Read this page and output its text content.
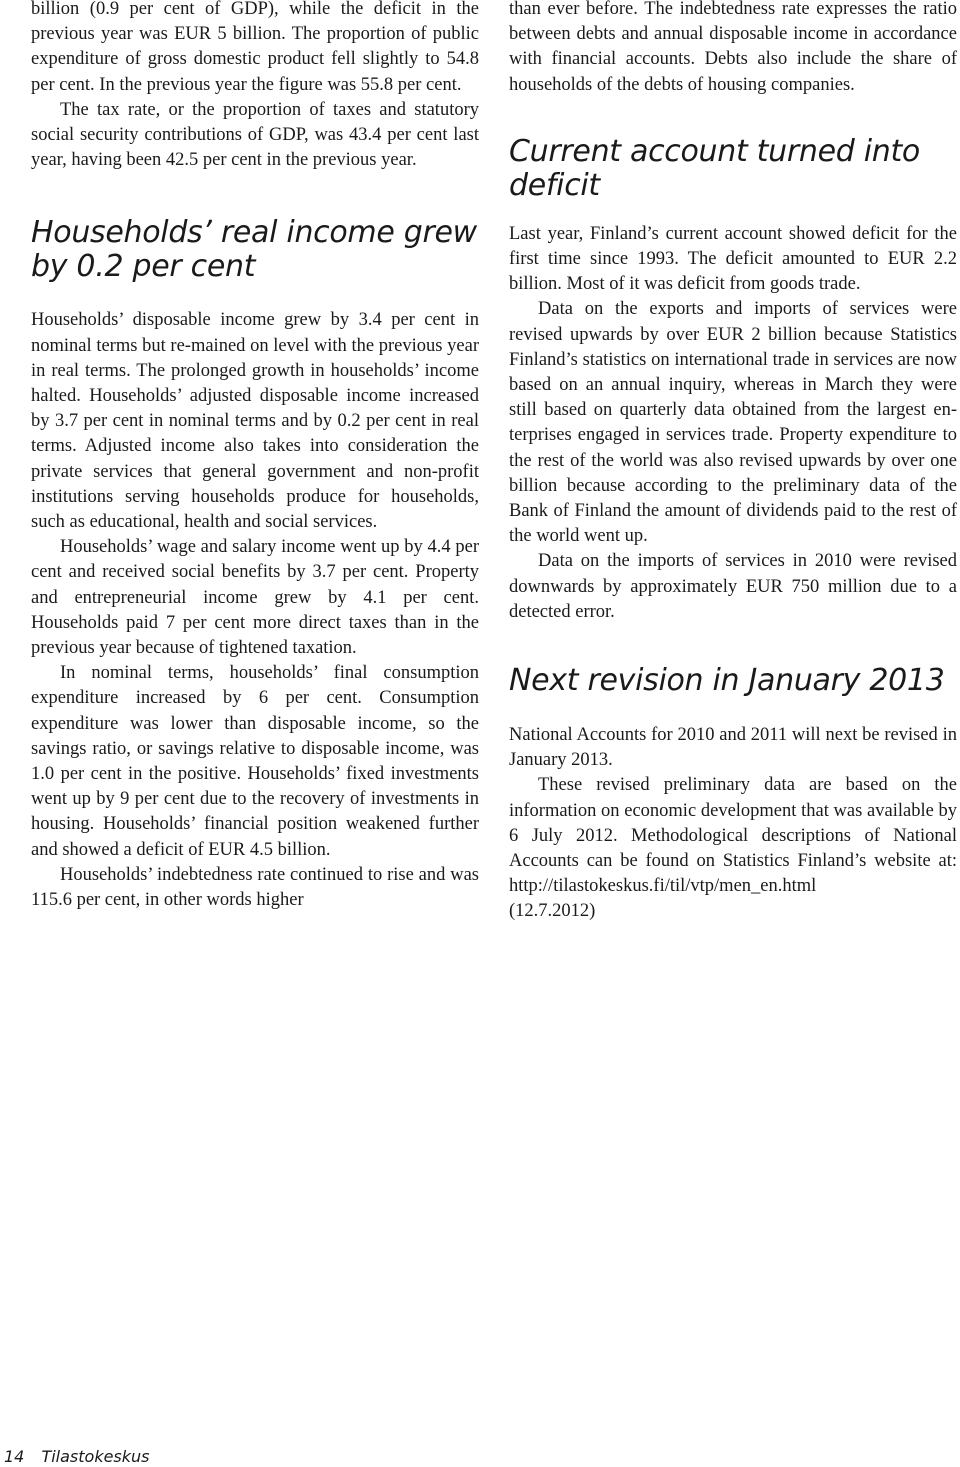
billion (0.9 per cent of GDP), while the deficit in the previous year was EUR 5 billion. The proportion of public expenditure of gross domestic product fell slightly to 54.8 per cent. In the previous year the figure was 55.8 per cent.

The tax rate, or the proportion of taxes and statutory social security contributions of GDP, was 43.4 per cent last year, having been 42.5 per cent in the previous year.

Households’ real income grew by 0.2 per cent

Households’ disposable income grew by 3.4 per cent in nominal terms but re-mained on level with the previous year in real terms. The prolonged growth in households’ income halted. Households’ adjusted disposable income increased by 3.7 per cent in nominal terms and by 0.2 per cent in real terms. Adjusted income also takes into consideration the private services that general government and non-profit institutions serving households produce for households, such as educational, health and social services.

Households’ wage and salary income went up by 4.4 per cent and received social benefits by 3.7 per cent. Property and entrepreneurial income grew by 4.1 per cent. Households paid 7 per cent more direct taxes than in the previous year because of tightened taxation.

In nominal terms, households’ final consumption expenditure increased by 6 per cent. Consumption expenditure was lower than disposable income, so the savings ratio, or savings relative to disposable income, was 1.0 per cent in the positive. Households’ fixed investments went up by 9 per cent due to the recovery of investments in housing. Households’ financial position weakened further and showed a deficit of EUR 4.5 billion.

Households’ indebtedness rate continued to rise and was 115.6 per cent, in other words higher

than ever before. The indebtedness rate expresses the ratio between debts and annual disposable income in accordance with financial accounts. Debts also include the share of households of the debts of housing companies.

Current account turned into deficit

Last year, Finland’s current account showed deficit for the first time since 1993. The deficit amounted to EUR 2.2 billion. Most of it was deficit from goods trade.

Data on the exports and imports of services were revised upwards by over EUR 2 billion because Statistics Finland’s statistics on international trade in services are now based on an annual inquiry, whereas in March they were still based on quarterly data obtained from the largest enterprises engaged in services trade. Property expenditure to the rest of the world was also revised upwards by over one billion because according to the preliminary data of the Bank of Finland the amount of dividends paid to the rest of the world went up.

Data on the imports of services in 2010 were revised downwards by approximately EUR 750 million due to a detected error.

Next revision in January 2013

National Accounts for 2010 and 2011 will next be revised in January 2013.

These revised preliminary data are based on the information on economic development that was available by 6 July 2012. Methodological descriptions of National Accounts can be found on Statistics Finland’s website at: http://tilastokeskus.fi/til/vtp/men_en.html

(12.7.2012)

14 Tilastokeskus
